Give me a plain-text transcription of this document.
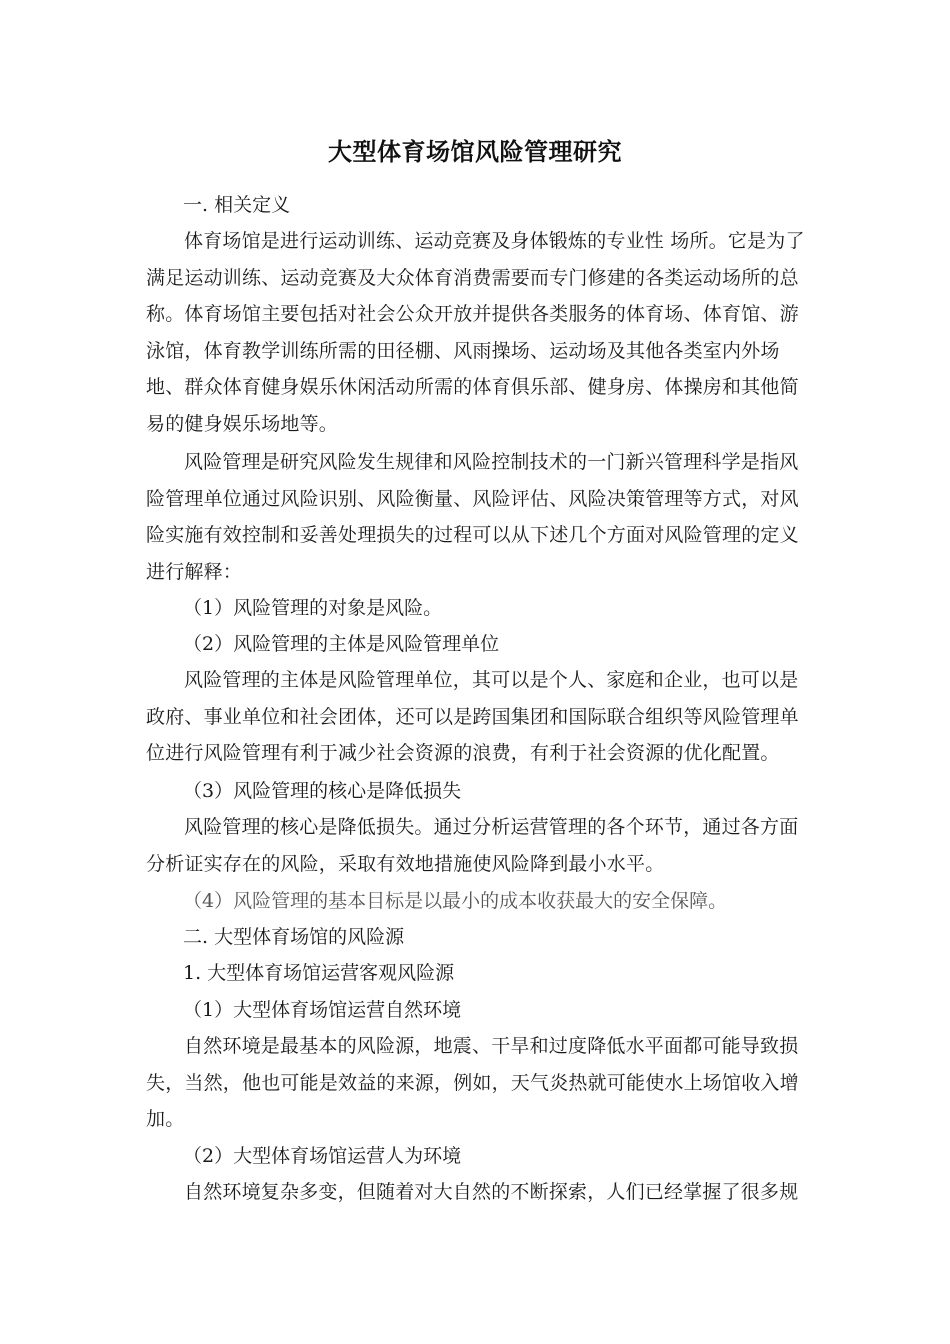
大型体育场馆风险管理研究
一. 相关定义
体育场馆是进行运动训练、运动竞赛及身体锻炼的专业性 场所。它是为了满足运动训练、运动竞赛及大众体育消费需要而专门修建的各类运动场所的总称。体育场馆主要包括对社会公众开放并提供各类服务的体育场、体育馆、游泳馆，体育教学训练所需的田径棚、风雨操场、运动场及其他各类室内外场地、群众体育健身娱乐休闲活动所需的体育俱乐部、健身房、体操房和其他简易的健身娱乐场地等。
风险管理是研究风险发生规律和风险控制技术的一门新兴管理科学是指风险管理单位通过风险识别、风险衡量、风险评估、风险决策管理等方式，对风险实施有效控制和妥善处理损失的过程可以从下述几个方面对风险管理的定义进行解释：
（1）风险管理的对象是风险。
（2）风险管理的主体是风险管理单位
风险管理的主体是风险管理单位，其可以是个人、家庭和企业，也可以是政府、事业单位和社会团体，还可以是跨国集团和国际联合组织等风险管理单位进行风险管理有利于减少社会资源的浪费，有利于社会资源的优化配置。
（3）风险管理的核心是降低损失
风险管理的核心是降低损失。通过分析运营管理的各个环节，通过各方面分析证实存在的风险，采取有效地措施使风险降到最小水平。
（4）风险管理的基本目标是以最小的成本收获最大的安全保障。
二. 大型体育场馆的风险源
1. 大型体育场馆运营客观风险源
（1）大型体育场馆运营自然环境
自然环境是最基本的风险源，地震、干旱和过度降低水平面都可能导致损失，当然，他也可能是效益的来源，例如，天气炎热就可能使水上场馆收入增加。
（2）大型体育场馆运营人为环境
自然环境复杂多变，但随着对大自然的不断探索，人们已经掌握了很多规
